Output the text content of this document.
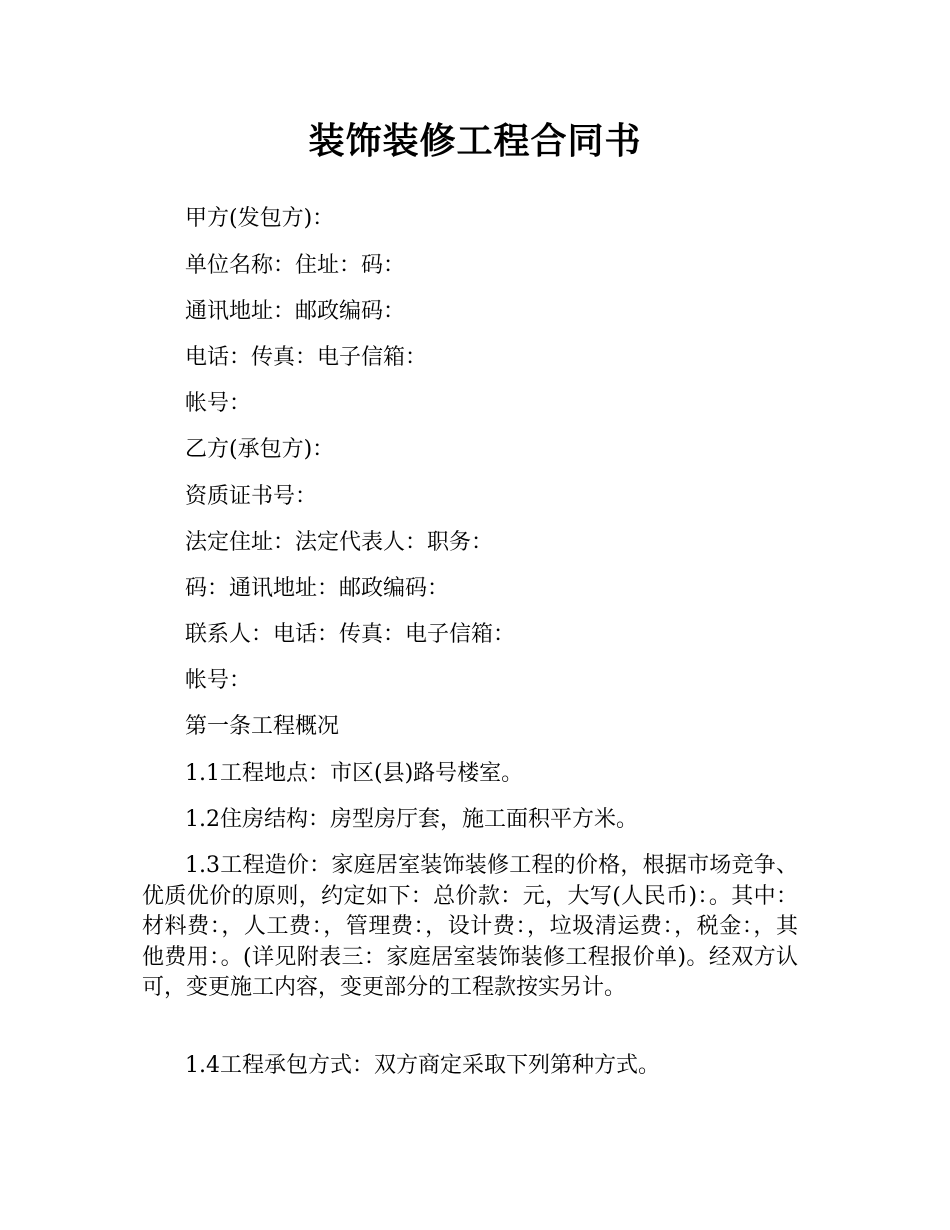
装饰装修工程合同书
甲方(发包方)：
单位名称：住址：码：
通讯地址：邮政编码：
电话：传真：电子信箱：
帐号：
乙方(承包方)：
资质证书号：
法定住址：法定代表人：职务：
码：通讯地址：邮政编码：
联系人：电话：传真：电子信箱：
帐号：
第一条工程概况
1.1工程地点：市区(县)路号楼室。
1.2住房结构：房型房厅套，施工面积平方米。
1.3工程造价：家庭居室装饰装修工程的价格，根据市场竞争、优质优价的原则，约定如下：总价款：元，大写(人民币)：。其中：材料费：，人工费：，管理费：，设计费：，垃圾清运费：，税金：，其他费用：。(详见附表三：家庭居室装饰装修工程报价单)。经双方认可，变更施工内容，变更部分的工程款按实另计。
1.4工程承包方式：双方商定采取下列第种方式。
